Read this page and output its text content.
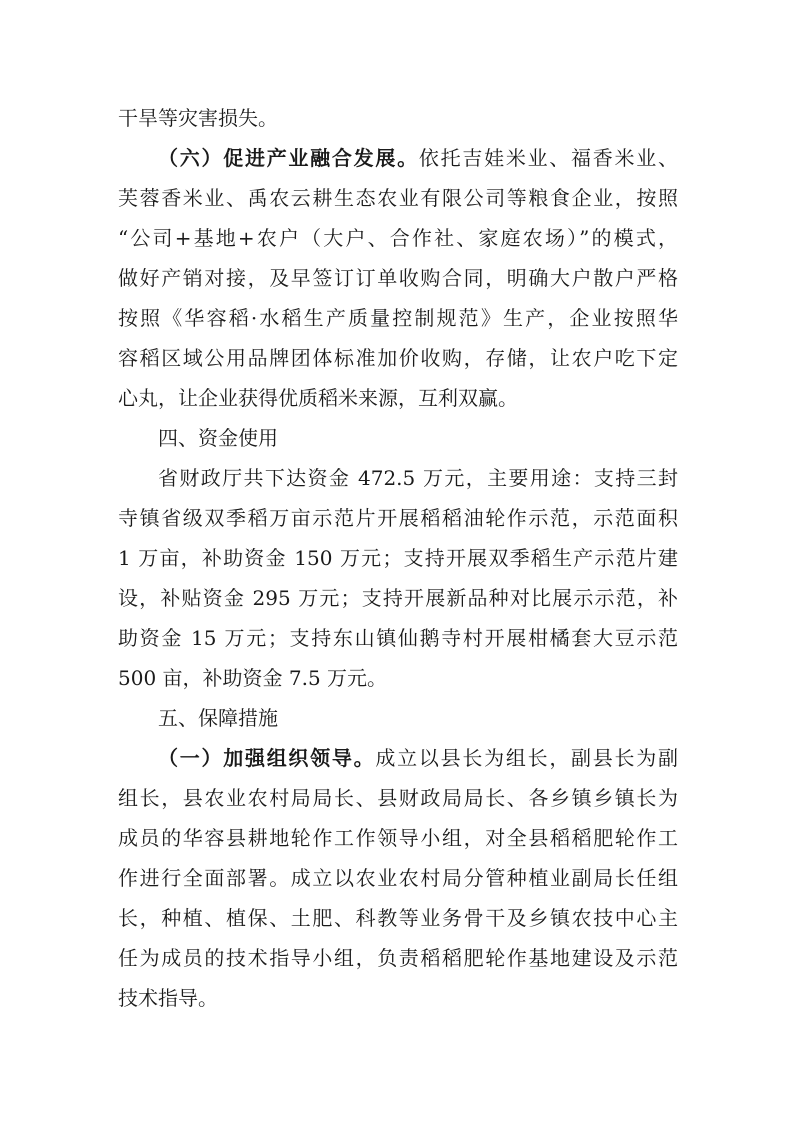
干旱等灾害损失。
（六）促进产业融合发展。依托吉娃米业、福香米业、
芙蓉香米业、禹农云耕生态农业有限公司等粮食企业，按照
“公司+基地+农户（大户、合作社、家庭农场）”的模式，
做好产销对接，及早签订订单收购合同，明确大户散户严格
按照《华容稻·水稻生产质量控制规范》生产，企业按照华
容稻区域公用品牌团体标准加价收购，存储，让农户吃下定
心丸，让企业获得优质稻米来源，互利双赢。
四、资金使用
省财政厅共下达资金 472.5 万元，主要用途：支持三封
寺镇省级双季稻万亩示范片开展稻稻油轮作示范，示范面积
1 万亩，补助资金 150 万元；支持开展双季稻生产示范片建
设，补贴资金 295 万元；支持开展新品种对比展示示范，补
助资金 15 万元；支持东山镇仙鹅寺村开展柑橘套大豆示范
500 亩，补助资金 7.5 万元。
五、保障措施
（一）加强组织领导。成立以县长为组长，副县长为副
组长，县农业农村局局长、县财政局局长、各乡镇乡镇长为
成员的华容县耕地轮作工作领导小组，对全县稻稻肥轮作工
作进行全面部署。成立以农业农村局分管种植业副局长任组
长，种植、植保、土肥、科教等业务骨干及乡镇农技中心主
任为成员的技术指导小组，负责稻稻肥轮作基地建设及示范
技术指导。
